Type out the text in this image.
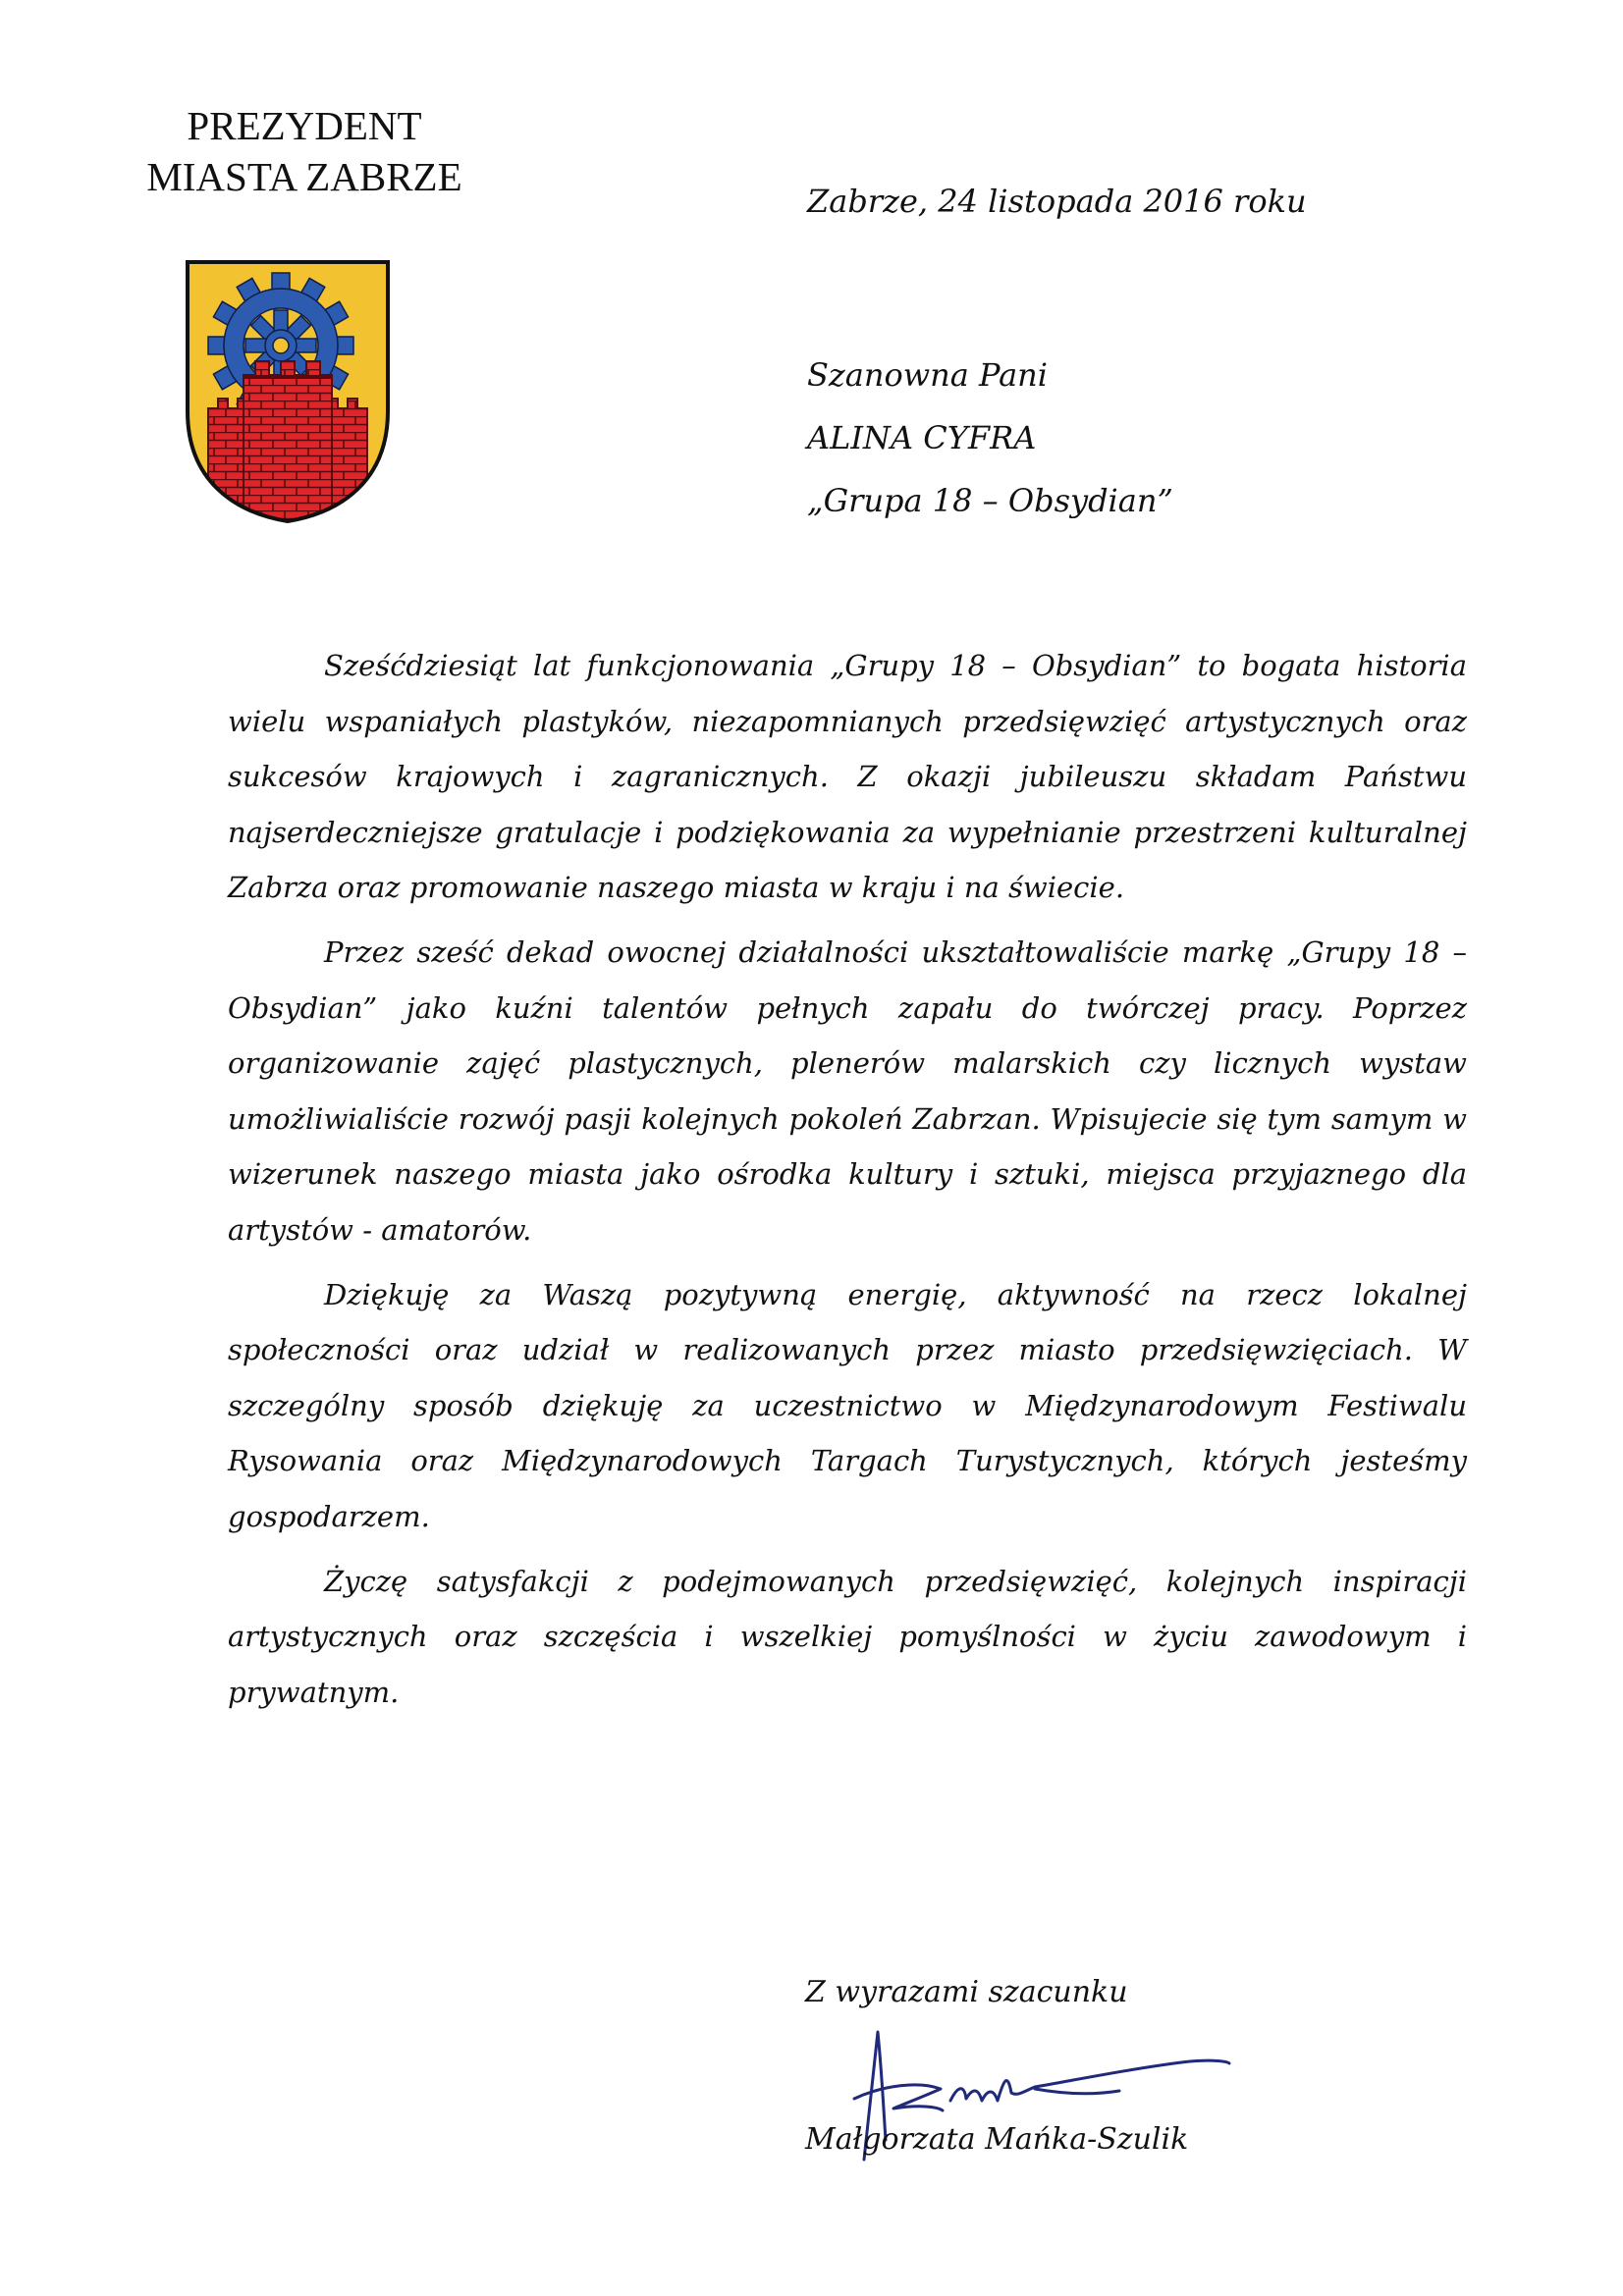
PREZYDENT
MIASTA ZABRZE
Zabrze, 24 listopada 2016 roku
Szanowna Pani
ALINA CYFRA
„Grupa 18 – Obsydian”

Sześćdziesiąt lat funkcjonowania „Grupy 18 – Obsydian” to bogata historia wielu wspaniałych plastyków, niezapomnianych przedsięwzięć artystycznych oraz sukcesów krajowych i zagranicznych. Z okazji jubileuszu składam Państwu najserdeczniejsze gratulacje i podziękowania za wypełnianie przestrzeni kulturalnej Zabrza oraz promowanie naszego miasta w kraju i na świecie.

Przez sześć dekad owocnej działalności ukształtowaliście markę „Grupy 18 – Obsydian” jako kuźni talentów pełnych zapału do twórczej pracy. Poprzez organizowanie zajęć plastycznych, plenerów malarskich czy licznych wystaw umożliwialiście rozwój pasji kolejnych pokoleń Zabrzan. Wpisujecie się tym samym w wizerunek naszego miasta jako ośrodka kultury i sztuki, miejsca przyjaznego dla artystów - amatorów.

Dziękuję za Waszą pozytywną energię, aktywność na rzecz lokalnej społeczności oraz udział w realizowanych przez miasto przedsięwzięciach. W szczególny sposób dziękuję za uczestnictwo w Międzynarodowym Festiwalu Rysowania oraz Międzynarodowych Targach Turystycznych, których jesteśmy gospodarzem.

Życzę satysfakcji z podejmowanych przedsięwzięć, kolejnych inspiracji artystycznych oraz szczęścia i wszelkiej pomyślności w życiu zawodowym i prywatnym.

Z wyrazami szacunku
Małgorzata Mańka-Szulik
